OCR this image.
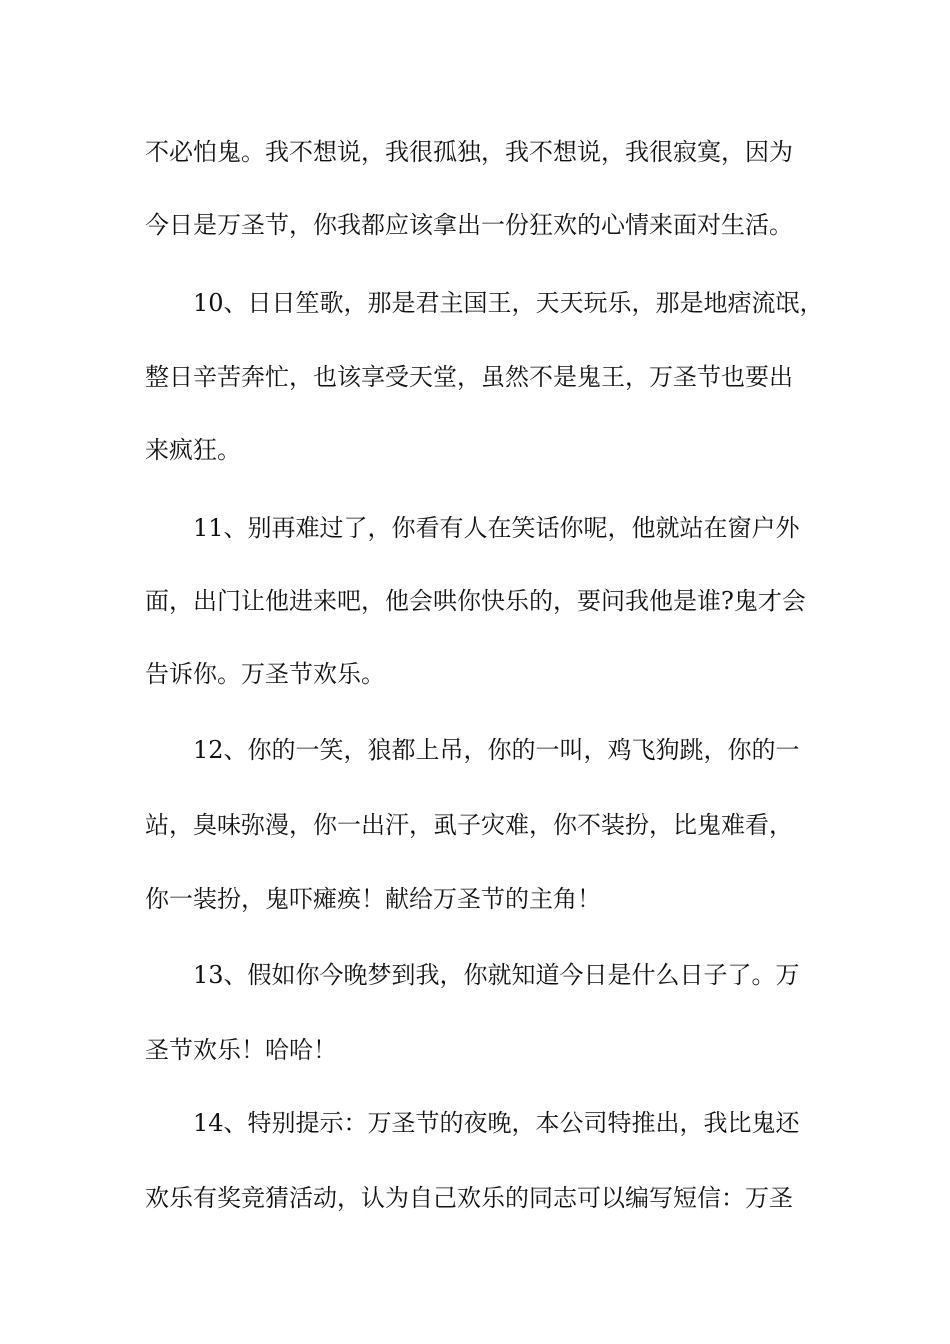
不必怕鬼。我不想说，我很孤独，我不想说，我很寂寞，因为
今日是万圣节，你我都应该拿出一份狂欢的心情来面对生活。
10、日日笙歌，那是君主国王，天天玩乐，那是地痞流氓，
整日辛苦奔忙，也该享受天堂，虽然不是鬼王，万圣节也要出
来疯狂。
11、别再难过了，你看有人在笑话你呢，他就站在窗户外
面，出门让他进来吧，他会哄你快乐的，要问我他是谁?鬼才会
告诉你。万圣节欢乐。
12、你的一笑，狼都上吊，你的一叫，鸡飞狗跳，你的一
站，臭味弥漫，你一出汗，虱子灾难，你不装扮，比鬼难看，
你一装扮，鬼吓瘫痪！献给万圣节的主角！
13、假如你今晚梦到我，你就知道今日是什么日子了。万
圣节欢乐！哈哈！
14、特别提示：万圣节的夜晚，本公司特推出，我比鬼还
欢乐有奖竞猜活动，认为自己欢乐的同志可以编写短信：万圣
